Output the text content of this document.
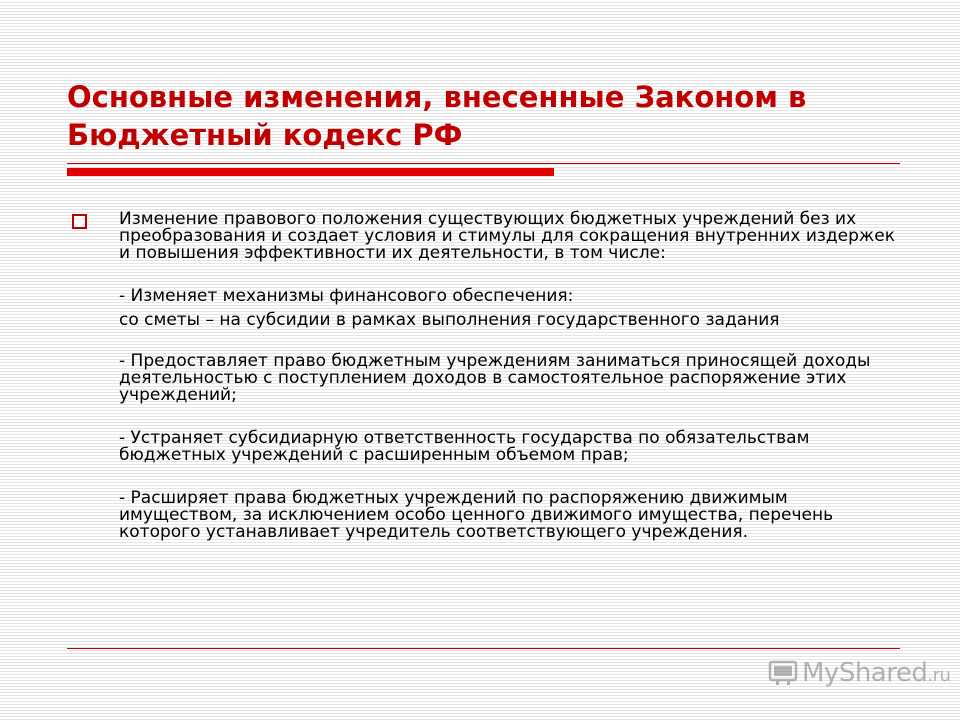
Основные изменения, внесенные Законом в Бюджетный кодекс РФ

Изменение правового положения существующих бюджетных учреждений без их преобразования и создает условия и стимулы для сокращения внутренних издержек и повышения эффективности их деятельности, в том числе:

- Изменяет механизмы финансового обеспечения:

со сметы – на субсидии в рамках выполнения государственного задания

- Предоставляет право бюджетным учреждениям заниматься приносящей доходы деятельностью с поступлением доходов в самостоятельное распоряжение этих учреждений;

- Устраняет субсидиарную ответственность государства по обязательствам бюджетных учреждений с расширенным объемом прав;

- Расширяет права бюджетных учреждений по распоряжению движимым имуществом, за исключением особо ценного движимого имущества, перечень которого устанавливает учредитель соответствующего учреждения.

MyShared.ru
